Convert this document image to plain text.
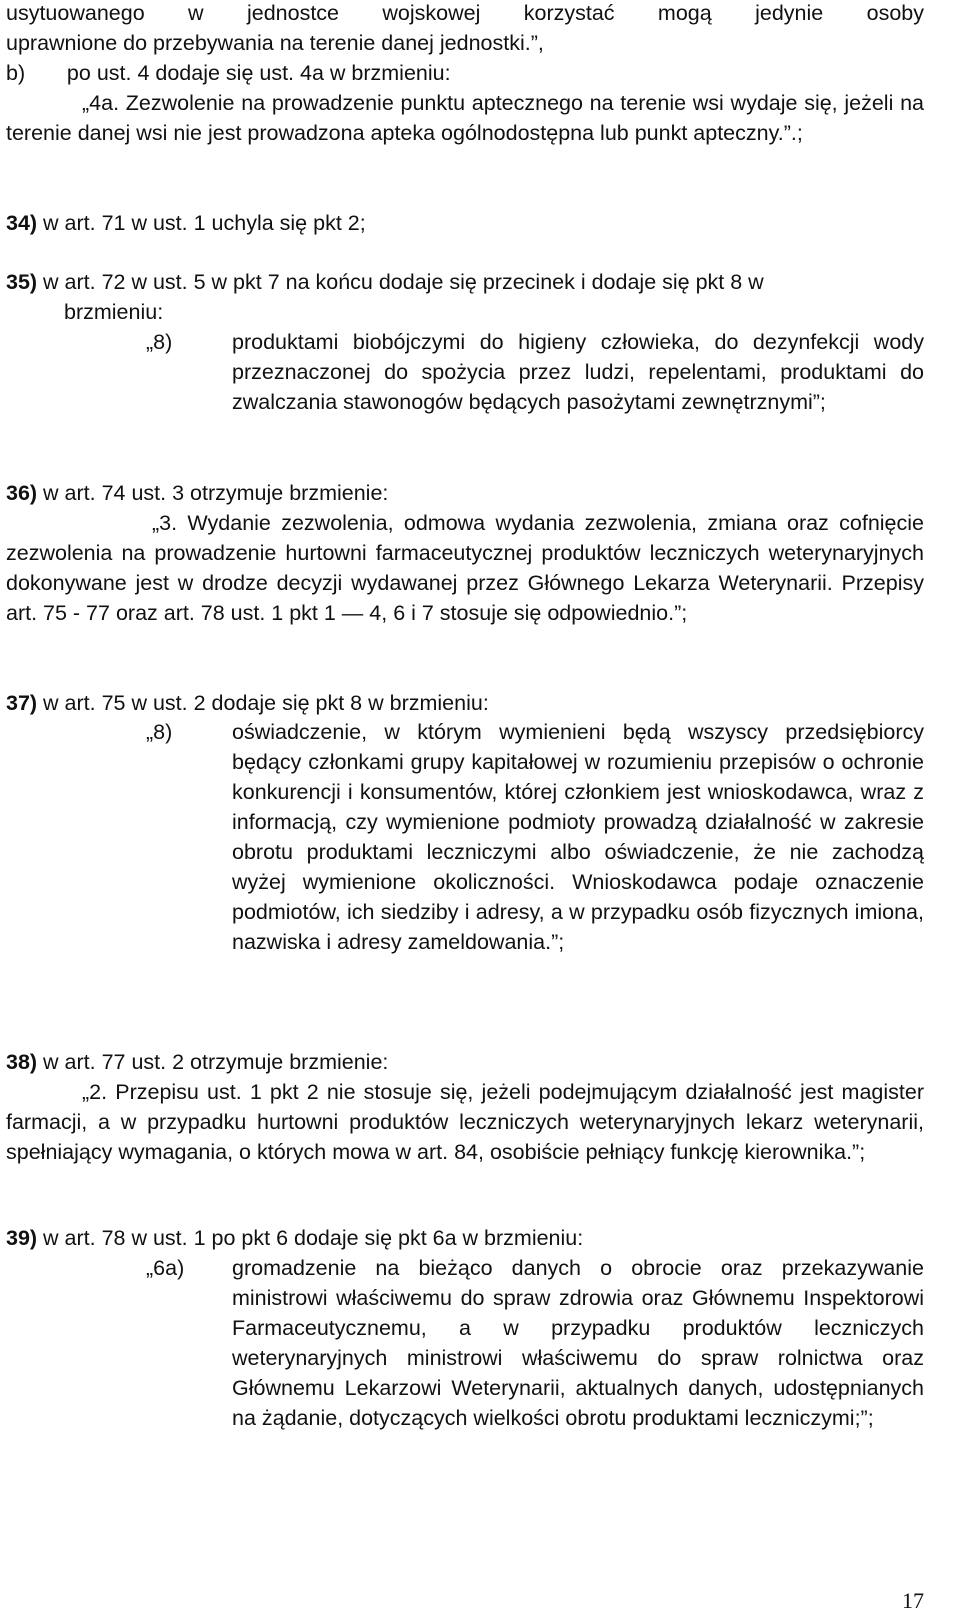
usytuowanego w jednostce wojskowej korzystać mogą jedynie osoby

uprawnione do przebywania na terenie danej jednostki.”,

b)       po ust. 4 dodaje się ust. 4a w brzmieniu:

„4a. Zezwolenie na prowadzenie punktu aptecznego na terenie wsi wydaje się, jeżeli na terenie danej wsi nie jest prowadzona apteka ogólnodostępna lub punkt apteczny.”.;

34) w art. 71 w ust. 1 uchyla się pkt 2;
35) w art. 72 w ust. 5 w pkt 7 na końcu dodaje się przecinek i dodaje się pkt 8 w
brzmieniu:
„8)	produktami biobójczymi do higieny człowieka, do dezynfekcji wody przeznaczonej do spożycia przez ludzi, repelentami, produktami do zwalczania stawonogów będących pasożytami zewnętrznymi”;
36) w art. 74 ust. 3 otrzymuje brzmienie:

„3. Wydanie zezwolenia, odmowa wydania zezwolenia, zmiana oraz cofnięcie zezwolenia na prowadzenie hurtowni farmaceutycznej produktów leczniczych weterynaryjnych dokonywane jest w drodze decyzji wydawanej przez Głównego Lekarza Weterynarii. Przepisy art. 75 - 77 oraz art. 78 ust. 1 pkt 1 — 4, 6 i 7 stosuje się odpowiednio.”;

37) w art. 75 w ust. 2 dodaje się pkt 8 w brzmieniu:
„8)	oświadczenie, w którym wymienieni będą wszyscy przedsiębiorcy będący członkami grupy kapitałowej w rozumieniu przepisów o ochronie konkurencji i konsumentów, której członkiem jest wnioskodawca, wraz z informacją, czy wymienione podmioty prowadzą działalność w zakresie obrotu produktami leczniczymi albo oświadczenie, że nie zachodzą wyżej wymienione okoliczności. Wnioskodawca podaje oznaczenie podmiotów, ich siedziby i adresy, a w przypadku osób fizycznych imiona, nazwiska i adresy zameldowania.”;
38) w art. 77 ust. 2 otrzymuje brzmienie:

„2. Przepisu ust. 1 pkt 2 nie stosuje się, jeżeli podejmującym działalność jest magister farmacji, a w przypadku hurtowni produktów leczniczych weterynaryjnych lekarz weterynarii, spełniający wymagania, o których mowa w art. 84, osobiście pełniący funkcję kierownika.”;

39) w art. 78 w ust. 1 po pkt 6 dodaje się pkt 6a w brzmieniu:
„6a) gromadzenie na bieżąco danych o obrocie oraz przekazywanie ministrowi właściwemu do spraw zdrowia oraz Głównemu Inspektorowi Farmaceutycznemu, a w przypadku produktów leczniczych weterynaryjnych ministrowi właściwemu do spraw rolnictwa oraz Głównemu Lekarzowi Weterynarii, aktualnych danych, udostępnianych na żądanie, dotyczących wielkości obrotu produktami leczniczymi;”;
17
